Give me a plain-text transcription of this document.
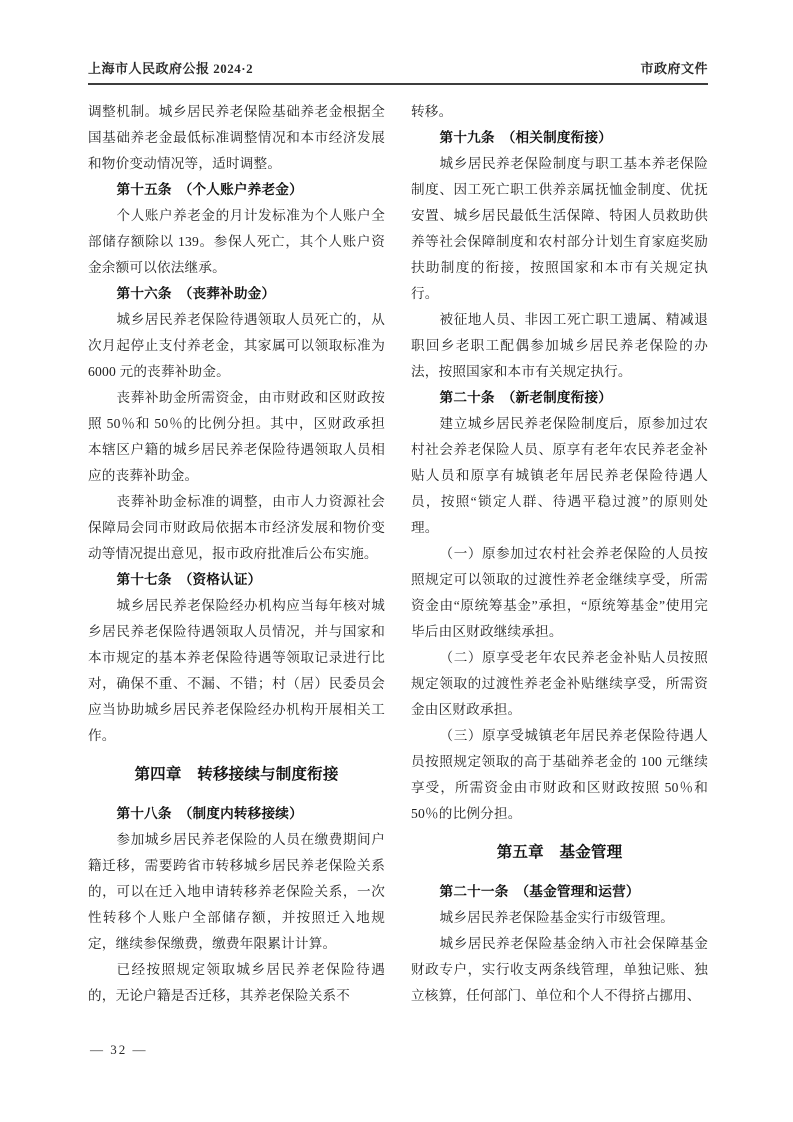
上海市人民政府公报 2024·2	市政府文件

调整机制。城乡居民养老保险基础养老金根据全国基础养老金最低标准调整情况和本市经济发展和物价变动情况等，适时调整。

第十五条　（个人账户养老金）

个人账户养老金的月计发标准为个人账户全部储存额除以 139。参保人死亡，其个人账户资金余额可以依法继承。

第十六条　（丧葬补助金）

城乡居民养老保险待遇领取人员死亡的，从次月起停止支付养老金，其家属可以领取标准为 6000 元的丧葬补助金。

丧葬补助金所需资金，由市财政和区财政按照 50％和 50％的比例分担。其中，区财政承担本辖区户籍的城乡居民养老保险待遇领取人员相应的丧葬补助金。

丧葬补助金标准的调整，由市人力资源社会保障局会同市财政局依据本市经济发展和物价变动等情况提出意见，报市政府批准后公布实施。

第十七条　（资格认证）

城乡居民养老保险经办机构应当每年核对城乡居民养老保险待遇领取人员情况，并与国家和本市规定的基本养老保险待遇等领取记录进行比对，确保不重、不漏、不错；村（居）民委员会应当协助城乡居民养老保险经办机构开展相关工作。

第四章　转移接续与制度衔接

第十八条　（制度内转移接续）

参加城乡居民养老保险的人员在缴费期间户籍迁移，需要跨省市转移城乡居民养老保险关系的，可以在迁入地申请转移养老保险关系，一次性转移个人账户全部储存额，并按照迁入地规定，继续参保缴费，缴费年限累计计算。

已经按照规定领取城乡居民养老保险待遇的，无论户籍是否迁移，其养老保险关系不

转移。

第十九条　（相关制度衔接）

城乡居民养老保险制度与职工基本养老保险制度、因工死亡职工供养亲属抚恤金制度、优抚安置、城乡居民最低生活保障、特困人员救助供养等社会保障制度和农村部分计划生育家庭奖励扶助制度的衔接，按照国家和本市有关规定执行。

被征地人员、非因工死亡职工遗属、精减退职回乡老职工配偶参加城乡居民养老保险的办法，按照国家和本市有关规定执行。

第二十条　（新老制度衔接）

建立城乡居民养老保险制度后，原参加过农村社会养老保险人员、原享有老年农民养老金补贴人员和原享有城镇老年居民养老保险待遇人员，按照“锁定人群、待遇平稳过渡”的原则处理。

（一）原参加过农村社会养老保险的人员按照规定可以领取的过渡性养老金继续享受，所需资金由“原统筹基金”承担，“原统筹基金”使用完毕后由区财政继续承担。

（二）原享受老年农民养老金补贴人员按照规定领取的过渡性养老金补贴继续享受，所需资金由区财政承担。

（三）原享受城镇老年居民养老保险待遇人员按照规定领取的高于基础养老金的 100 元继续享受，所需资金由市财政和区财政按照 50％和 50％的比例分担。

第五章　基金管理

第二十一条　（基金管理和运营）

城乡居民养老保险基金实行市级管理。

城乡居民养老保险基金纳入市社会保障基金财政专户，实行收支两条线管理，单独记账、独立核算，任何部门、单位和个人不得挤占挪用、

— 32 —
